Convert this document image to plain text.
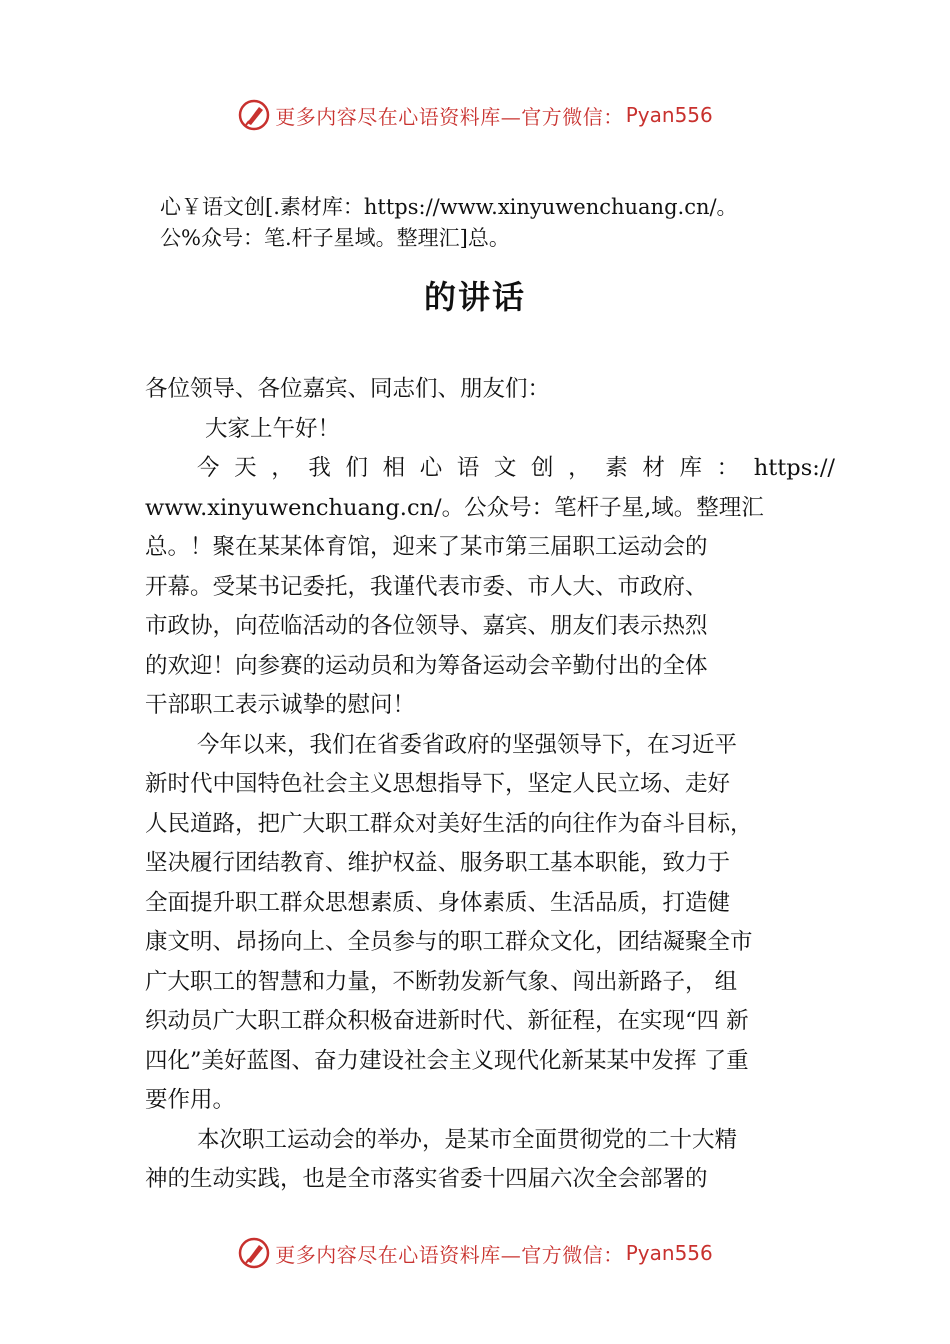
更多内容尽在心语资料库—官方微信： Pyan556
心￥语文创[.素材库：https://www.xinyuwenchuang.cn/。
公%众号：笔.杆子星域。整理汇]总。
的讲话
各位领导、各位嘉宾、同志们、朋友们：
大家上午好！
今天，我们相心语文创，素材库：https://
www.xinyuwenchuang.cn/。公众号：笔杆子星,域。整理汇
总。！聚在某某体育馆，迎来了某市第三届职工运动会的
开幕。受某书记委托，我谨代表市委、市人大、市政府、
市政协，向莅临活动的各位领导、嘉宾、朋友们表示热烈
的欢迎！向参赛的运动员和为筹备运动会辛勤付出的全体
干部职工表示诚挚的慰问！
今年以来，我们在省委省政府的坚强领导下，在习近平
新时代中国特色社会主义思想指导下，坚定人民立场、走好
人民道路，把广大职工群众对美好生活的向往作为奋斗目标，
坚决履行团结教育、维护权益、服务职工基本职能，致力于
全面提升职工群众思想素质、身体素质、生活品质，打造健
康文明、昂扬向上、全员参与的职工群众文化，团结凝聚全市
广大职工的智慧和力量，不断勃发新气象、闯出新路子， 组
织动员广大职工群众积极奋进新时代、新征程，在实现“四 新
四化”美好蓝图、奋力建设社会主义现代化新某某中发挥 了重
要作用。
本次职工运动会的举办，是某市全面贯彻党的二十大精
神的生动实践，也是全市落实省委十四届六次全会部署的
更多内容尽在心语资料库—官方微信： Pyan556
